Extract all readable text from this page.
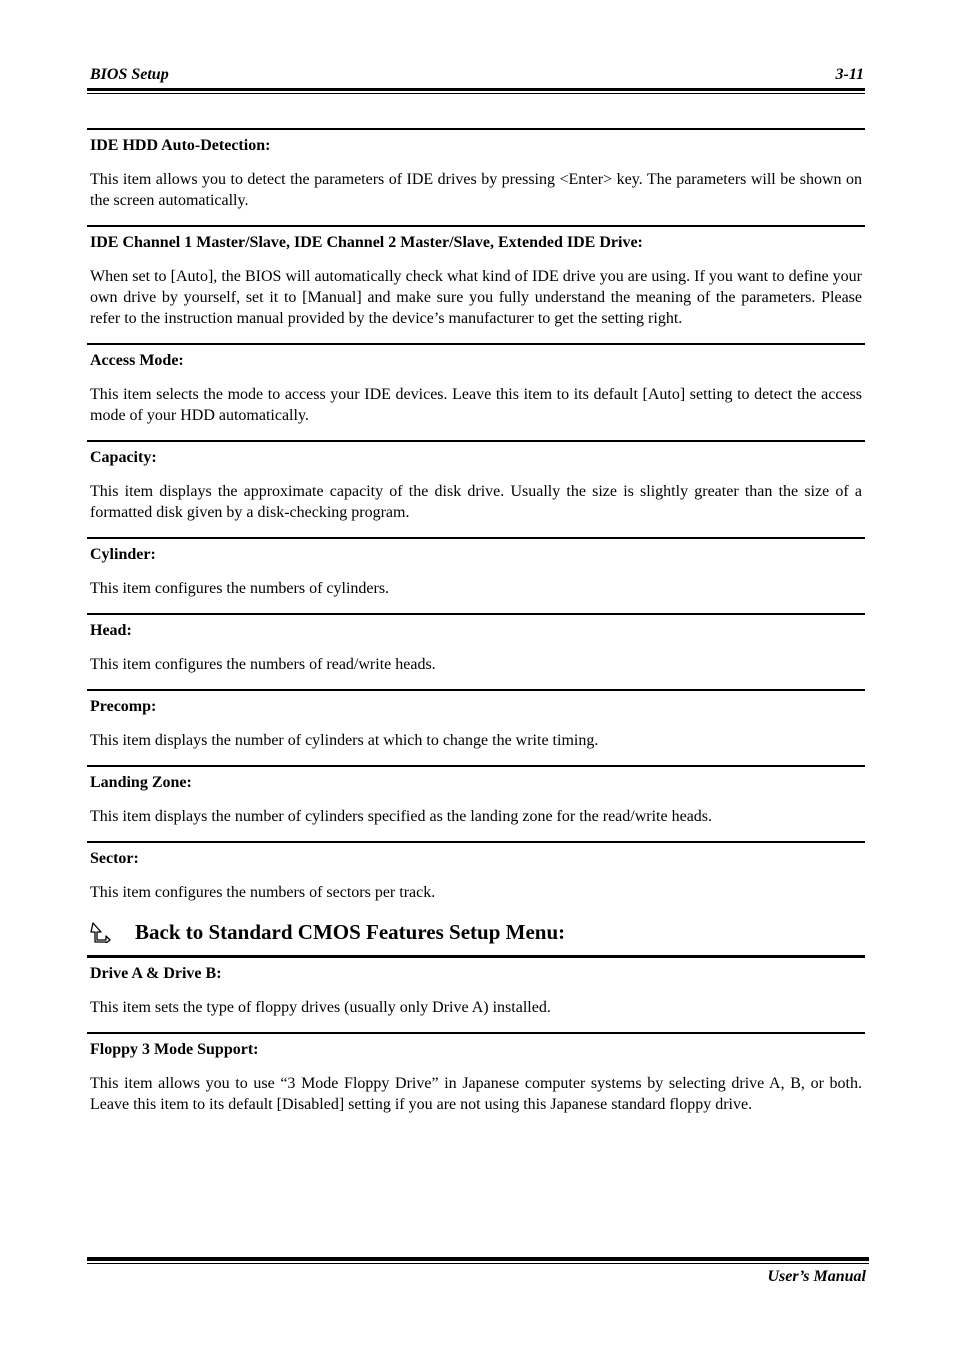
BIOS Setup	3-11

IDE HDD Auto-Detection:

This item allows you to detect the parameters of IDE drives by pressing <Enter> key. The parameters will be shown on the screen automatically.

IDE Channel 1 Master/Slave, IDE Channel 2 Master/Slave, Extended IDE Drive:

When set to [Auto], the BIOS will automatically check what kind of IDE drive you are using. If you want to define your own drive by yourself, set it to [Manual] and make sure you fully understand the meaning of the parameters. Please refer to the instruction manual provided by the device’s manufacturer to get the setting right.

Access Mode:

This item selects the mode to access your IDE devices. Leave this item to its default [Auto] setting to detect the access mode of your HDD automatically.

Capacity:

This item displays the approximate capacity of the disk drive. Usually the size is slightly greater than the size of a formatted disk given by a disk-checking program.

Cylinder:

This item configures the numbers of cylinders.

Head:

This item configures the numbers of read/write heads.

Precomp:

This item displays the number of cylinders at which to change the write timing.

Landing Zone:

This item displays the number of cylinders specified as the landing zone for the read/write heads.

Sector:

This item configures the numbers of sectors per track.

Back to Standard CMOS Features Setup Menu:

Drive A & Drive B:

This item sets the type of floppy drives (usually only Drive A) installed.

Floppy 3 Mode Support:

This item allows you to use “3 Mode Floppy Drive” in Japanese computer systems by selecting drive A, B, or both. Leave this item to its default [Disabled] setting if you are not using this Japanese standard floppy drive.

User’s Manual
